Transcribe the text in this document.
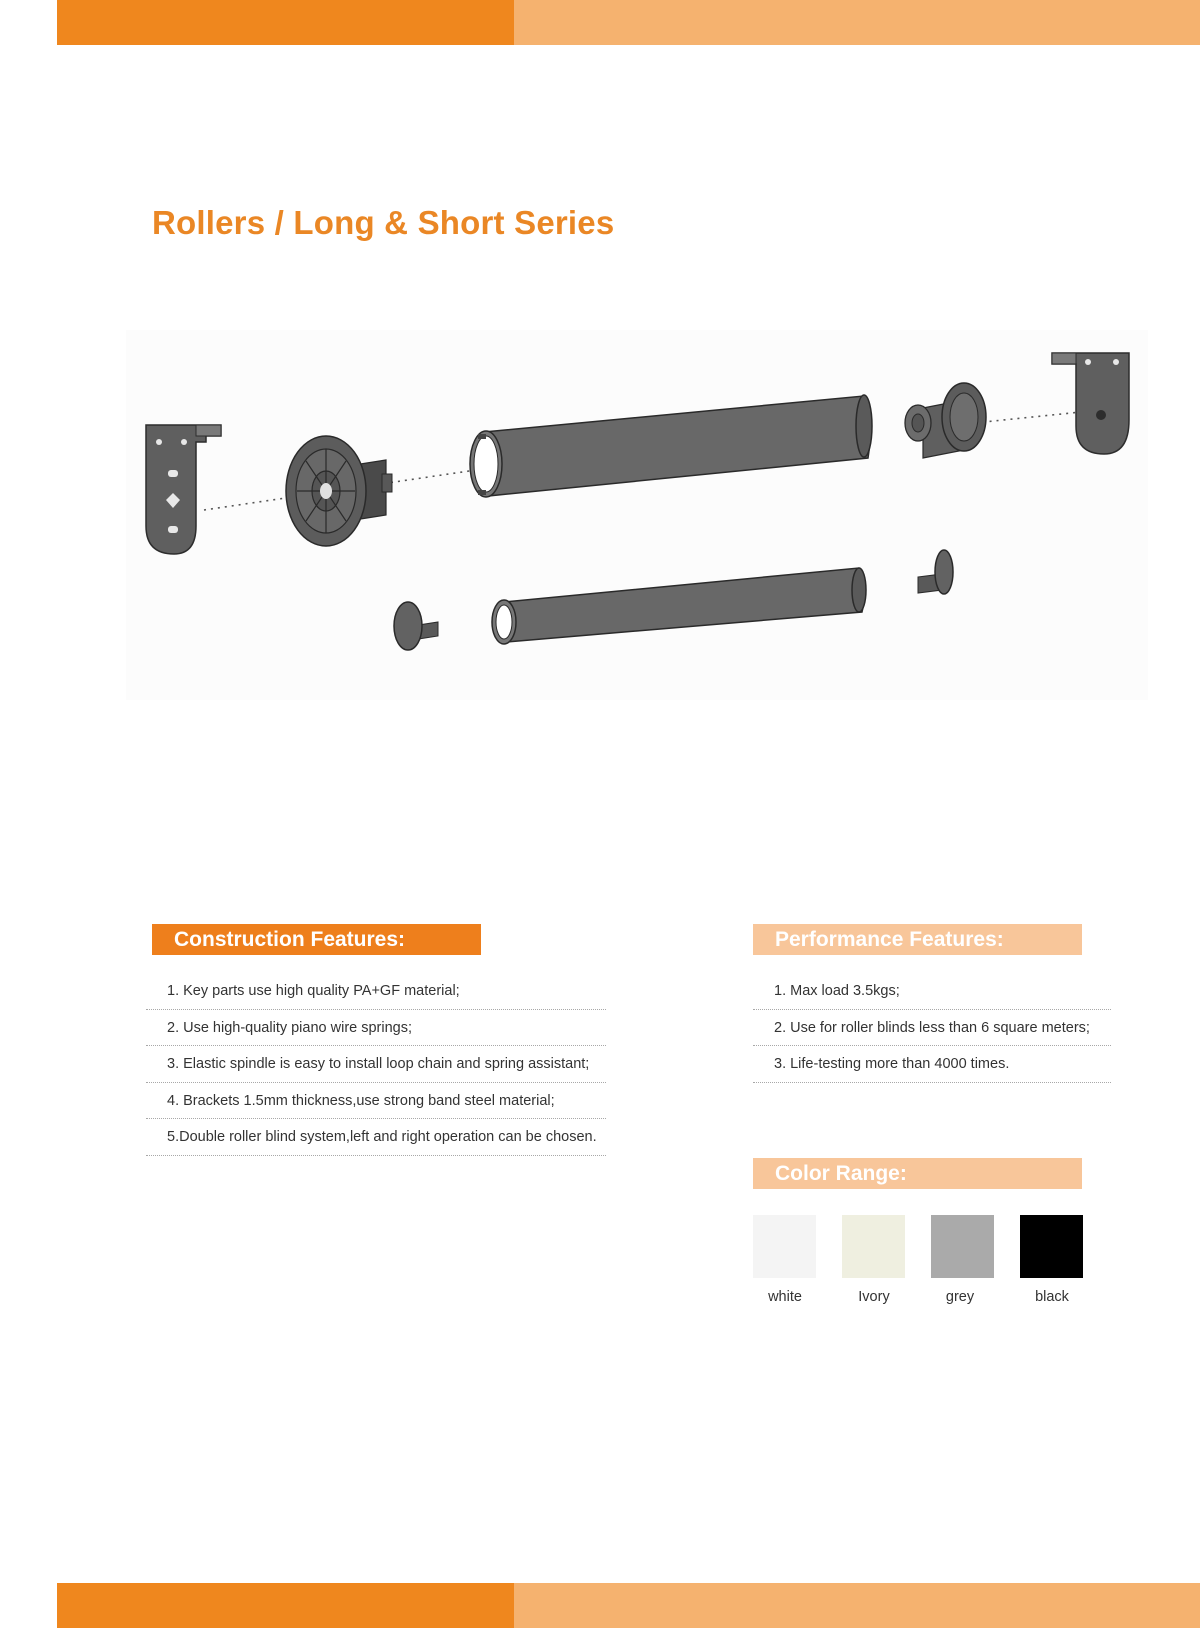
Rollers / Long & Short Series
Construction Features:
1. Key parts use high quality PA+GF material;
2. Use high-quality piano wire springs;
3. Elastic spindle is easy to install loop chain and spring assistant;
4. Brackets 1.5mm thickness,use strong band steel material;
5.Double roller blind system,left and right operation can be chosen.
Performance Features:
1. Max load 3.5kgs;
2. Use for roller blinds less than 6 square meters;
3. Life-testing more than 4000 times.
Color Range:
white	Ivory	grey	black
